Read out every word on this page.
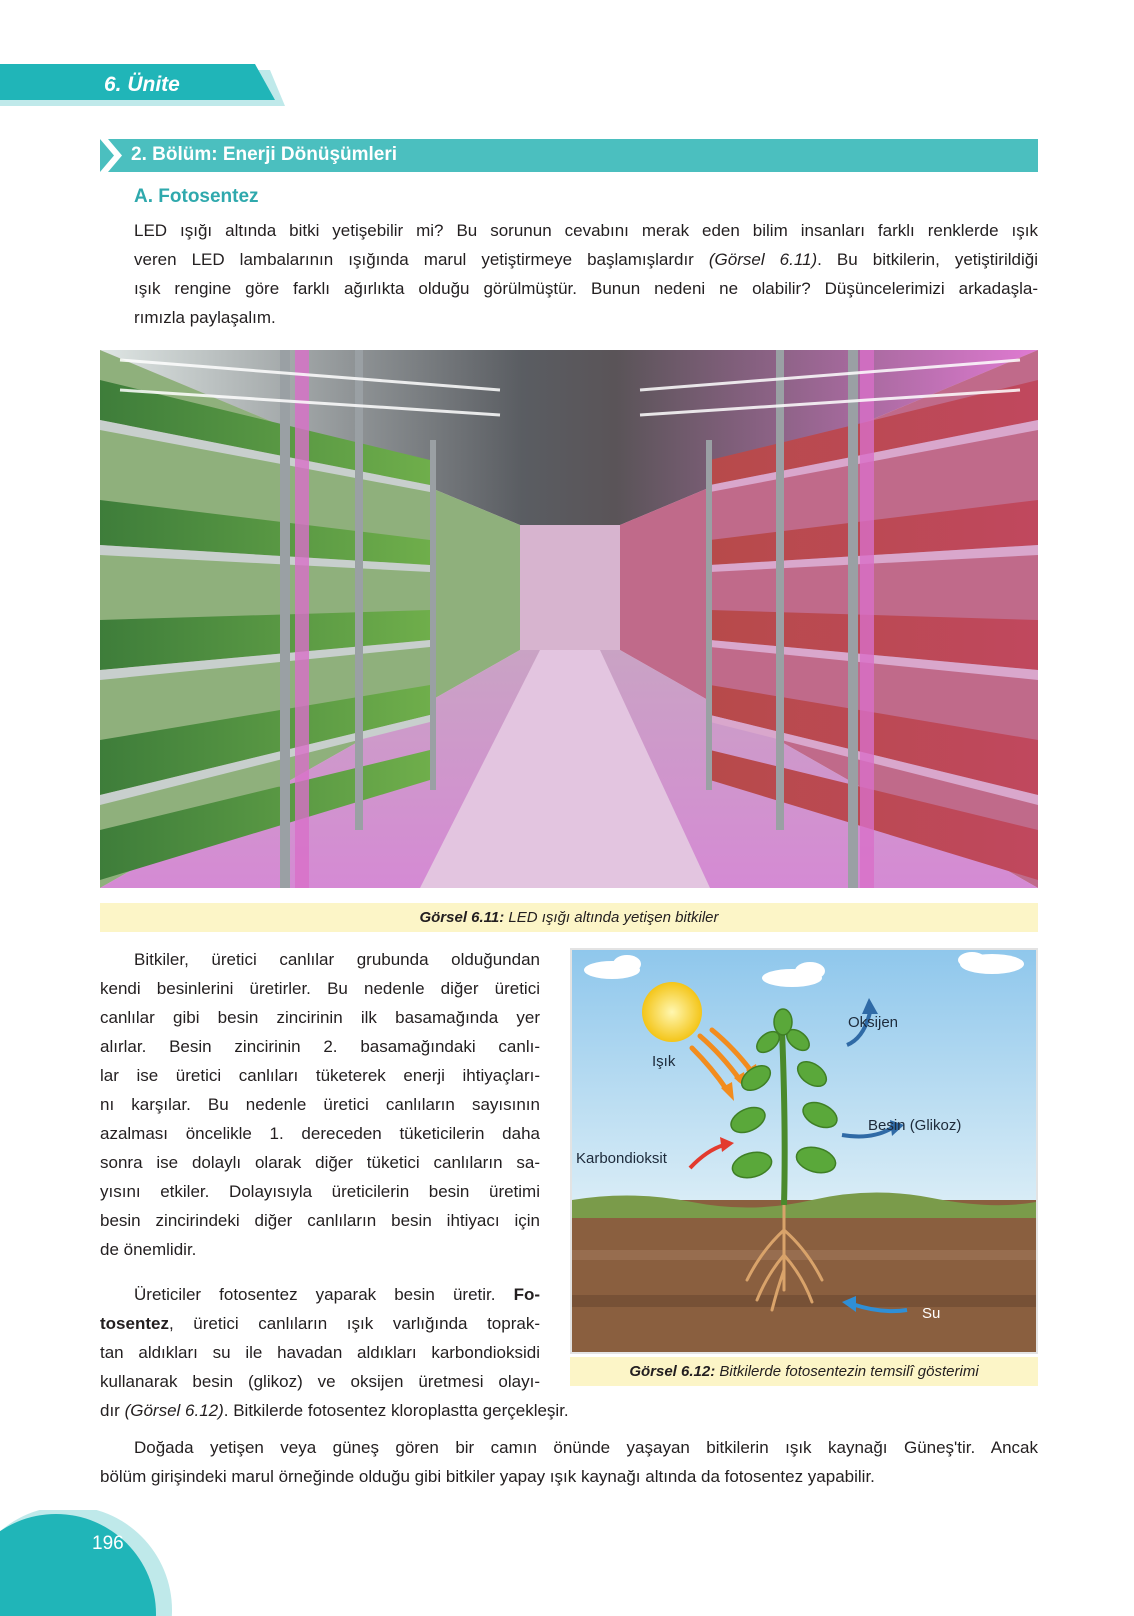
6. Ünite
2. Bölüm: Enerji Dönüşümleri
A. Fotosentez
LED ışığı altında bitki yetişebilir mi? Bu sorunun cevabını merak eden bilim insanları farklı renklerde ışık
veren LED lambalarının ışığında marul yetiştirmeye başlamışlardır (Görsel 6.11). Bu bitkilerin, yetiştirildiği
ışık rengine göre farklı ağırlıkta olduğu görülmüştür. Bunun nedeni ne olabilir? Düşüncelerimizi arkadaşla-
rımızla paylaşalım.
Görsel 6.11: LED ışığı altında yetişen bitkiler
Bitkiler, üretici canlılar grubunda olduğundan
kendi besinlerini üretirler. Bu nedenle diğer üretici
canlılar gibi besin zincirinin ilk basamağında yer
alırlar. Besin zincirinin 2. basamağındaki canlı-
lar ise üretici canlıları tüketerek enerji ihtiyaçları-
nı karşılar. Bu nedenle üretici canlıların sayısının
azalması öncelikle 1. dereceden tüketicilerin daha
sonra ise dolaylı olarak diğer tüketici canlıların sa-
yısını etkiler. Dolayısıyla üreticilerin besin üretimi
besin zincirindeki diğer canlıların besin ihtiyacı için
de önemlidir.
Üreticiler fotosentez yaparak besin üretir. Fo-
tosentez, üretici canlıların ışık varlığında toprak-
tan aldıkları su ile havadan aldıkları karbondioksidi
kullanarak besin (glikoz) ve oksijen üretmesi olayı-
dır (Görsel 6.12). Bitkilerde fotosentez kloroplastta gerçekleşir.
Oksijen
Işık
Besin (Glikoz)
Karbondioksit
Su
Görsel 6.12: Bitkilerde fotosentezin temsilî gösterimi
Doğada yetişen veya güneş gören bir camın önünde yaşayan bitkilerin ışık kaynağı Güneş'tir. Ancak
bölüm girişindeki marul örneğinde olduğu gibi bitkiler yapay ışık kaynağı altında da fotosentez yapabilir.
196
